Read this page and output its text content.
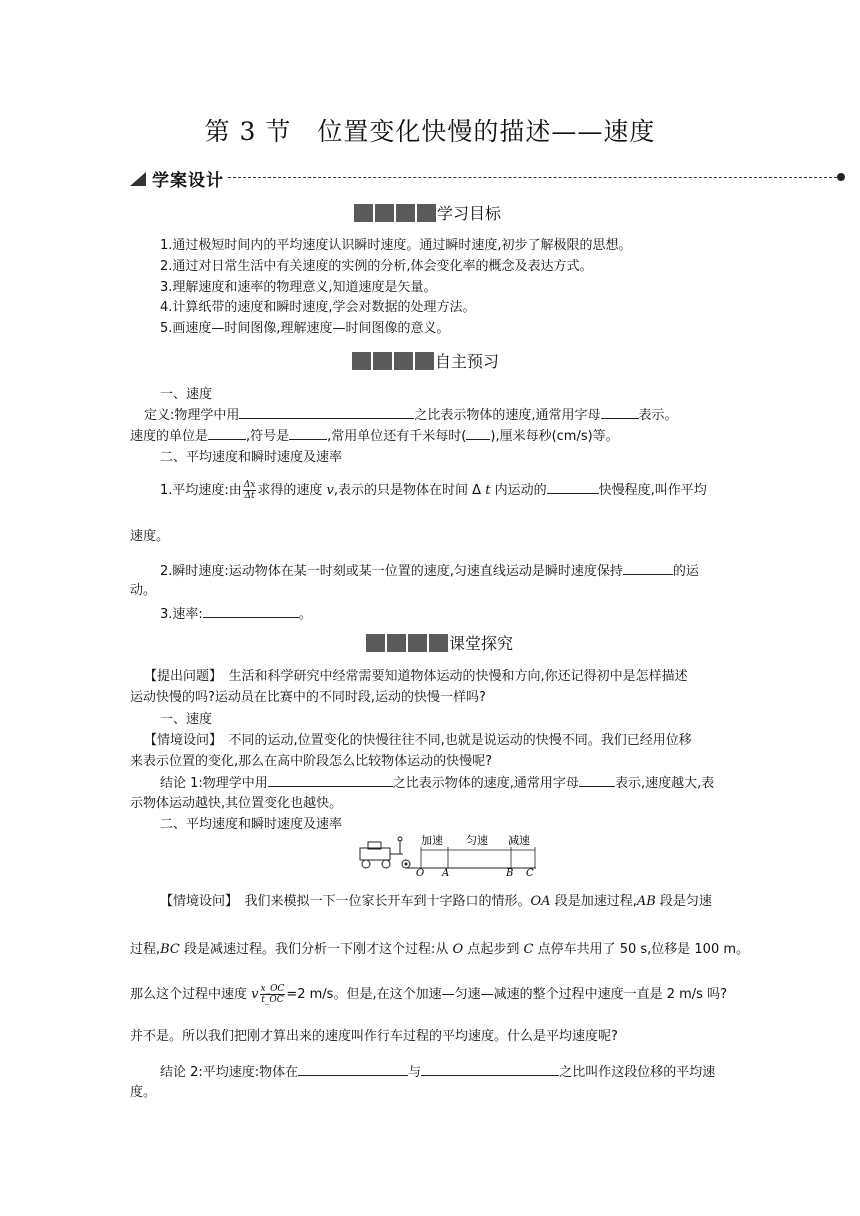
第 3 节　位置变化快慢的描述——速度
学案设计
学习目标
1.通过极短时间内的平均速度认识瞬时速度。通过瞬时速度,初步了解极限的思想。
2.通过对日常生活中有关速度的实例的分析,体会变化率的概念及表达方式。
3.理解速度和速率的物理意义,知道速度是矢量。
4.计算纸带的速度和瞬时速度,学会对数据的处理方法。
5.画速度—时间图像,理解速度—时间图像的意义。
自主预习
一、速度
定义:物理学中用	之比表示物体的速度,通常用字母	表示。
速度的单位是	,符号是	,常用单位还有千米每时( ),厘米每秒(cm/s)等。
二、平均速度和瞬时速度及速率
1.平均速度:由 $\frac{\Delta x}{\Delta t}$ 求得的速度 v,表示的只是物体在时间 Δ t 内运动的	快慢程度,叫作平均
速度。
2.瞬时速度:运动物体在某一时刻或某一位置的速度,匀速直线运动是瞬时速度保持	的运
动。
3.速率:	。
课堂探究
【提出问题】　生活和科学研究中经常需要知道物体运动的快慢和方向,你还记得初中是怎样描述
运动快慢的吗?运动员在比赛中的不同时段,运动的快慢一样吗?
一、速度
【情境设问】　不同的运动,位置变化的快慢往往不同,也就是说运动的快慢不同。我们已经用位移
来表示位置的变化,那么在高中阶段怎么比较物体运动的快慢呢?
结论 1:物理学中用	之比表示物体的速度,通常用字母	表示,速度越大,表
示物体运动越快,其位置变化也越快。
二、平均速度和瞬时速度及速率
加速 匀速 减速
O A	B C
【情境设问】　我们来模拟一下一位家长开车到十字路口的情形。OA 段是加速过程,AB 段是匀速
过程,BC 段是减速过程。我们分析一下刚才这个过程:从 O 点起步到 C 点停车共用了 50 s,位移是 100 m。
那么这个过程中速度 v $\frac{x\_OC}{t\_OC} =2$ m/s。但是,在这个加速—匀速—减速的整个过程中速度一直是 2 m/s 吗?
并不是。所以我们把刚才算出来的速度叫作行车过程的平均速度。什么是平均速度呢?
结论 2:平均速度:物体在	与	之比叫作这段位移的平均速
度。
